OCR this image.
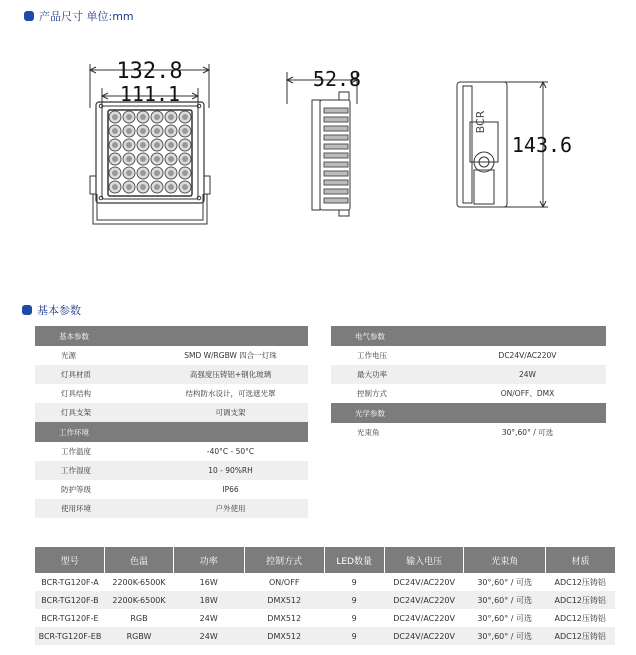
产品尺寸 单位:mm
132.8
111.1
52.8
143.6
BCR
基本参数
基本参数	
光源	SMD W/RGBW 四合一灯珠
灯具材质	高强度压铸铝+钢化玻璃
灯具结构	结构防水设计，可选遮光罩
灯具支架	可调支架
工作环境	
工作温度	-40°C - 50°C
工作湿度	10 - 90%RH
防护等级	IP66
使用环境	户外使用
电气参数	
工作电压	DC24V/AC220V
最大功率	24W
控制方式	ON/OFF、DMX
光学参数	
光束角	30°,60° / 可选
型号	色温	功率	控制方式	LED数量	输入电压	光束角	材质
BCR-TG120F-A	2200K-6500K	16W	ON/OFF	9	DC24V/AC220V	30°,60° / 可选	ADC12压铸铝
BCR-TG120F-B	2200K-6500K	18W	DMX512	9	DC24V/AC220V	30°,60° / 可选	ADC12压铸铝
BCR-TG120F-E	RGB	24W	DMX512	9	DC24V/AC220V	30°,60° / 可选	ADC12压铸铝
BCR-TG120F-EB	RGBW	24W	DMX512	9	DC24V/AC220V	30°,60° / 可选	ADC12压铸铝
